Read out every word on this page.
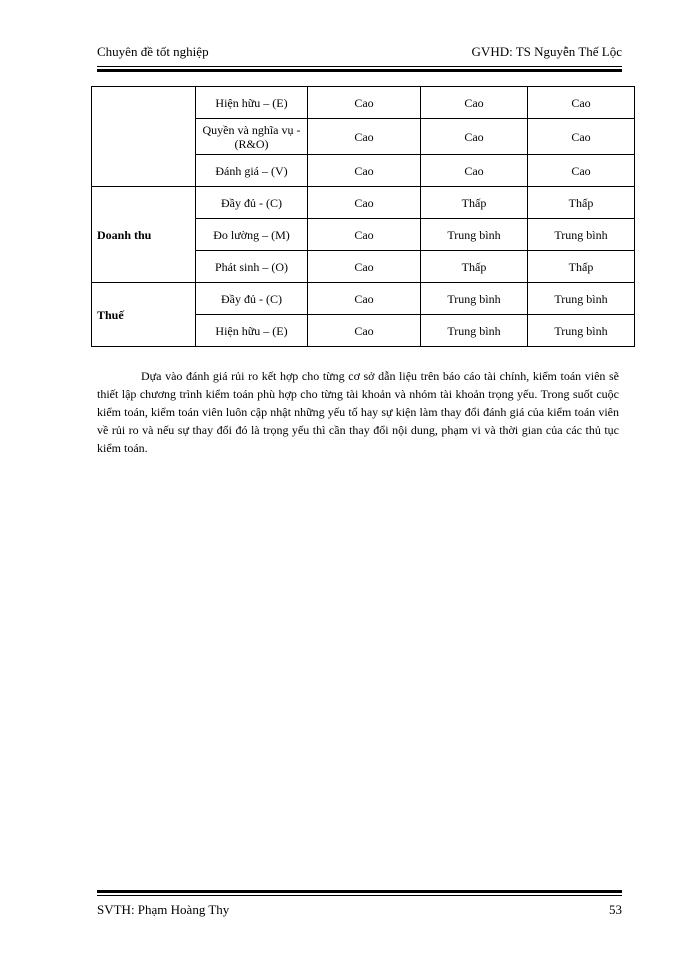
Chuyên đề tốt nghiệp	GVHD: TS Nguyễn Thế Lộc
	Hiện hữu – (E)	Cao	Cao	Cao
	Quyền và nghĩa vụ - (R&O)	Cao	Cao	Cao
	Đánh giá – (V)	Cao	Cao	Cao
Doanh thu	Đầy đủ - (C)	Cao	Thấp	Thấp
	Đo lường – (M)	Cao	Trung bình	Trung bình
	Phát sinh – (O)	Cao	Thấp	Thấp
Thuế	Đầy đủ - (C)	Cao	Trung bình	Trung bình
	Hiện hữu – (E)	Cao	Trung bình	Trung bình

Dựa vào đánh giá rủi ro kết hợp cho từng cơ sở dẫn liệu trên báo cáo tài chính, kiểm toán viên sẽ thiết lập chương trình kiểm toán phù hợp cho từng tài khoản và nhóm tài khoản trọng yếu. Trong suốt cuộc kiểm toán, kiểm toán viên luôn cập nhật những yếu tố hay sự kiện làm thay đổi đánh giá của kiểm toán viên về rủi ro và nếu sự thay đổi đó là trọng yếu thì cần thay đổi nội dung, phạm vi và thời gian của các thủ tục kiểm toán.

SVTH: Phạm Hoàng Thy	53
